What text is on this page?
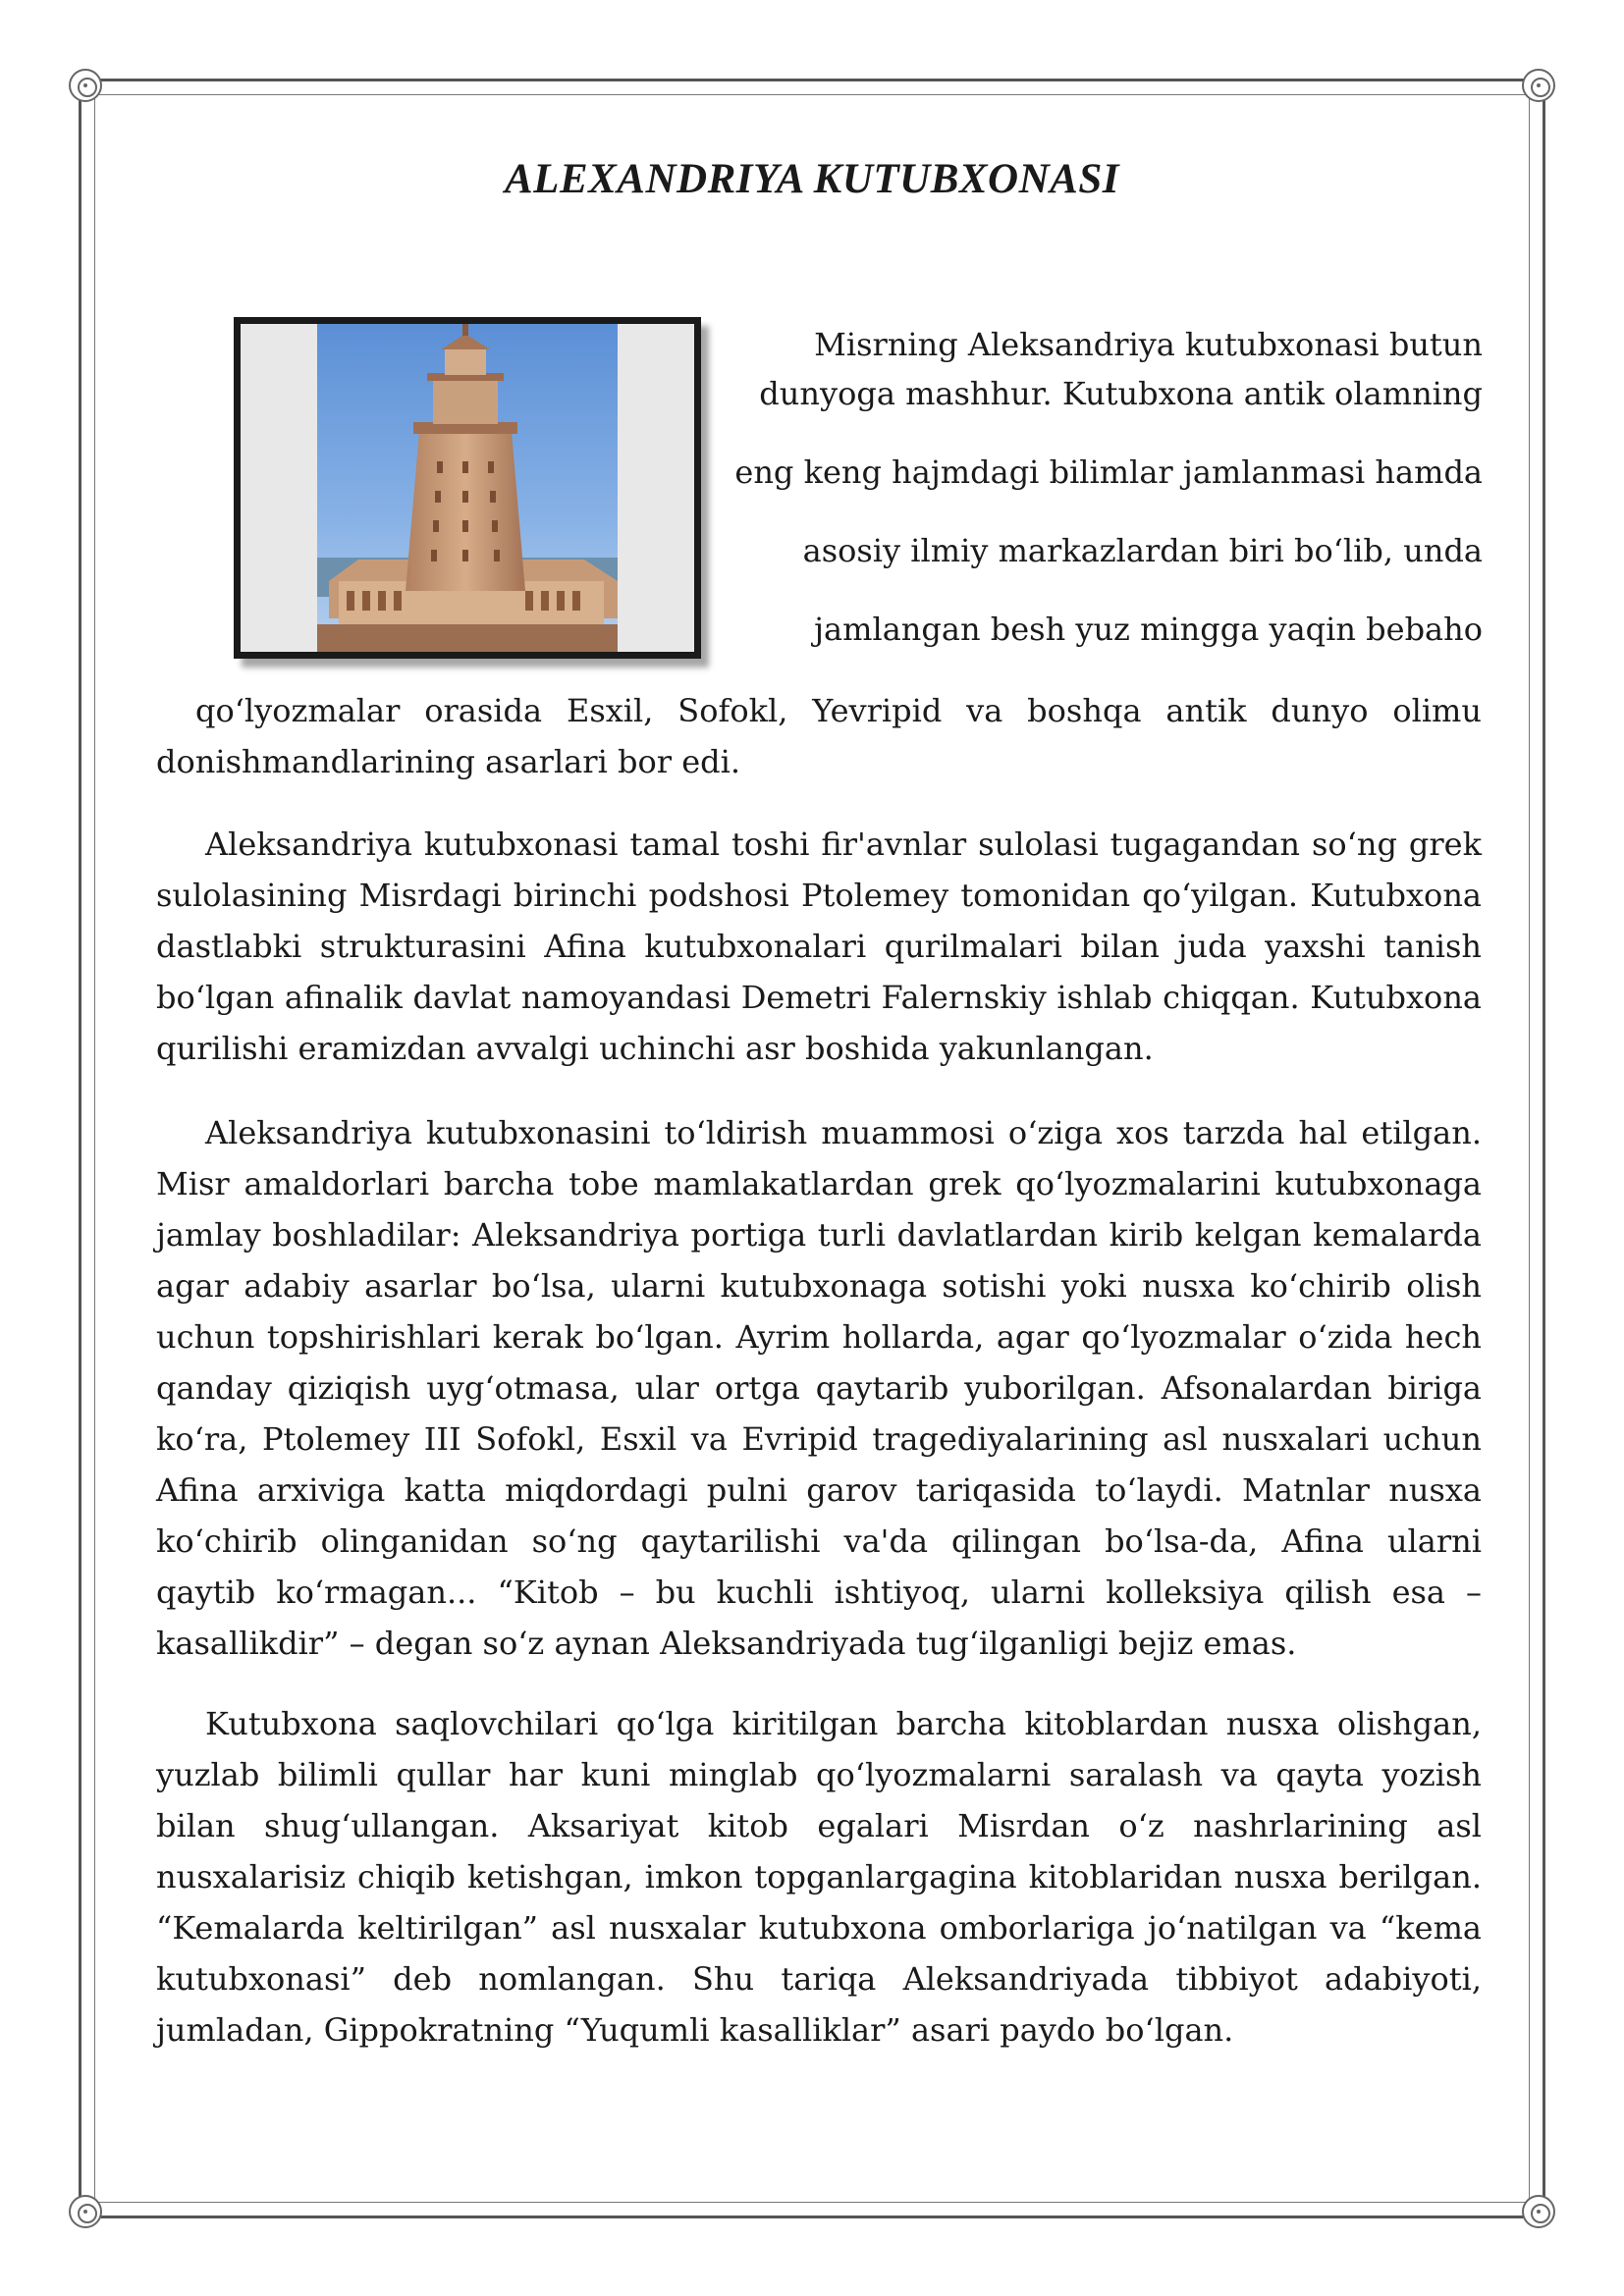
ALEXANDRIYA KUTUBXONASI
Misrning Aleksandriya kutubxonasi butun
dunyoga mashhur. Kutubxona antik olamning
eng keng hajmdagi bilimlar jamlanmasi hamda
asosiy ilmiy markazlardan biri bo‘lib, unda
jamlangan besh yuz mingga yaqin bebaho

qo‘lyozmalar orasida Esxil, Sofokl, Yevripid va boshqa antik dunyo olimu donishmandlarining asarlari bor edi.

Aleksandriya kutubxonasi tamal toshi fir'avnlar sulolasi tugagandan so‘ng grek sulolasining Misrdagi birinchi podshosi Ptolemey tomonidan qo‘yilgan. Kutubxona dastlabki strukturasini Afina kutubxonalari qurilmalari bilan juda yaxshi tanish bo‘lgan afinalik davlat namoyandasi Demetri Falernskiy ishlab chiqqan. Kutubxona qurilishi eramizdan avvalgi uchinchi asr boshida yakunlangan.

Aleksandriya kutubxonasini to‘ldirish muammosi o‘ziga xos tarzda hal etilgan. Misr amaldorlari barcha tobe mamlakatlardan grek qo‘lyozmalarini kutubxonaga jamlay boshladilar: Aleksandriya portiga turli davlatlardan kirib kelgan kemalarda agar adabiy asarlar bo‘lsa, ularni kutubxonaga sotishi yoki nusxa ko‘chirib olish uchun topshirishlari kerak bo‘lgan. Ayrim hollarda, agar qo‘lyozmalar o‘zida hech qanday qiziqish uyg‘otmasa, ular ortga qaytarib yuborilgan. Afsonalardan biriga ko‘ra, Ptolemey III Sofokl, Esxil va Evripid tragediyalarining asl nusxalari uchun Afina arxiviga katta miqdordagi pulni garov tariqasida to‘laydi. Matnlar nusxa ko‘chirib olinganidan so‘ng qaytarilishi va'da qilingan bo‘lsa-da, Afina ularni qaytib ko‘rmagan... “Kitob – bu kuchli ishtiyoq, ularni kolleksiya qilish esa – kasallikdir” – degan so‘z aynan Aleksandriyada tug‘ilganligi bejiz emas.

Kutubxona saqlovchilari qo‘lga kiritilgan barcha kitoblardan nusxa olishgan, yuzlab bilimli qullar har kuni minglab qo‘lyozmalarni saralash va qayta yozish bilan shug‘ullangan. Aksariyat kitob egalari Misrdan o‘z nashrlarining asl nusxalarisiz chiqib ketishgan, imkon topganlargagina kitoblaridan nusxa berilgan. “Kemalarda keltirilgan” asl nusxalar kutubxona omborlariga jo‘natilgan va “kema kutubxonasi” deb nomlangan. Shu tariqa Aleksandriyada tibbiyot adabiyoti, jumladan, Gippokratning “Yuqumli kasalliklar” asari paydo bo‘lgan.
